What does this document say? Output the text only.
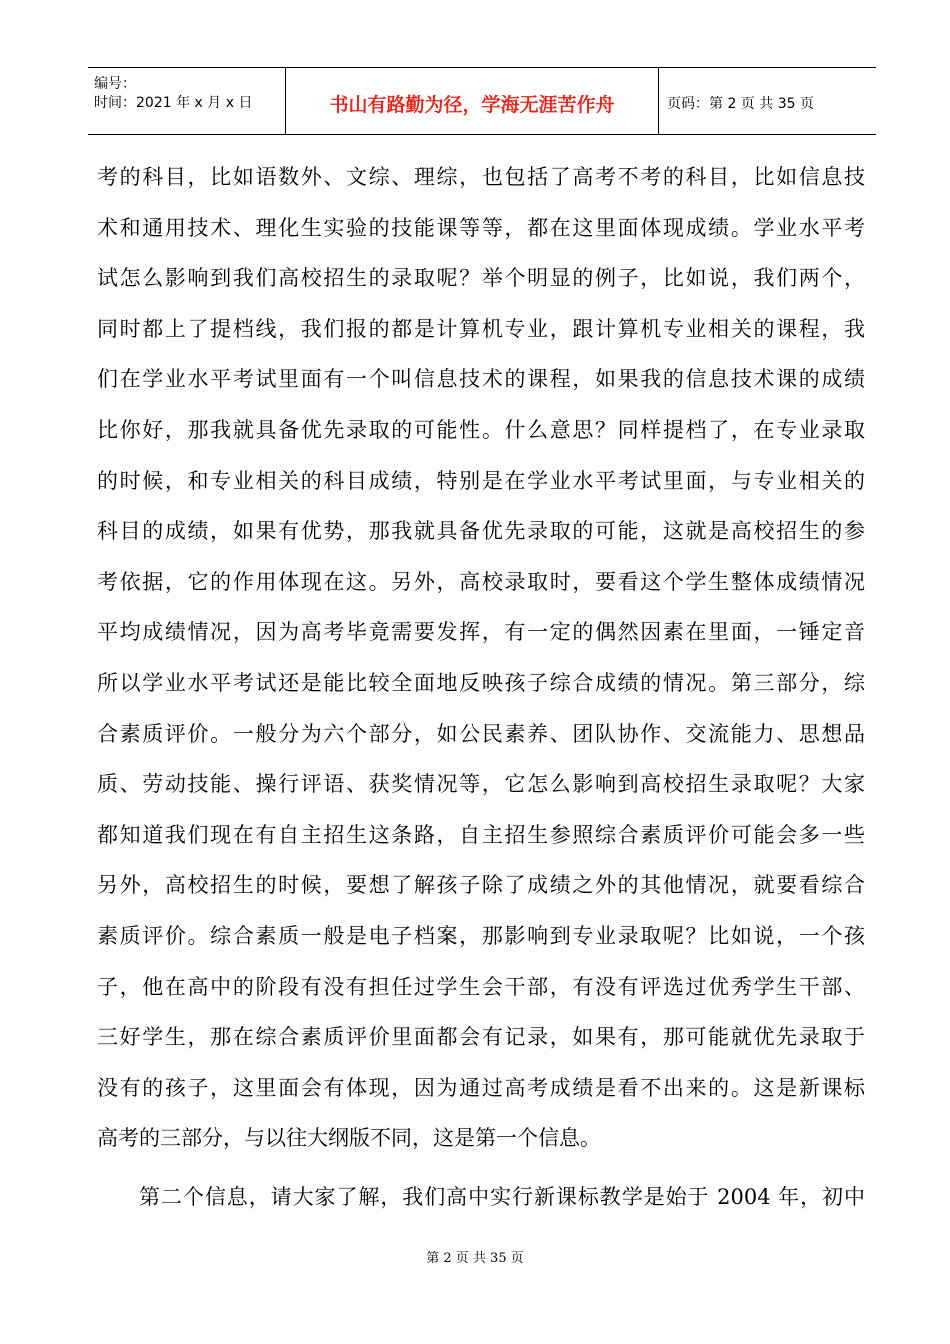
编号：
时间：2021 年 x 月 x 日	书山有路勤为径，学海无涯苦作舟	页码：第 2 页 共 35 页
考的科目，比如语数外、文综、理综，也包括了高考不考的科目，比如信息技
术和通用技术、理化生实验的技能课等等，都在这里面体现成绩。学业水平考
试怎么影响到我们高校招生的录取呢？举个明显的例子，比如说，我们两个，
同时都上了提档线，我们报的都是计算机专业，跟计算机专业相关的课程，我
们在学业水平考试里面有一个叫信息技术的课程，如果我的信息技术课的成绩
比你好，那我就具备优先录取的可能性。什么意思？同样提档了，在专业录取
的时候，和专业相关的科目成绩，特别是在学业水平考试里面，与专业相关的
科目的成绩，如果有优势，那我就具备优先录取的可能，这就是高校招生的参
考依据，它的作用体现在这。另外，高校录取时，要看这个学生整体成绩情况
平均成绩情况，因为高考毕竟需要发挥，有一定的偶然因素在里面，一锤定音
所以学业水平考试还是能比较全面地反映孩子综合成绩的情况。第三部分，综
合素质评价。一般分为六个部分，如公民素养、团队协作、交流能力、思想品
质、劳动技能、操行评语、获奖情况等，它怎么影响到高校招生录取呢？大家
都知道我们现在有自主招生这条路，自主招生参照综合素质评价可能会多一些
另外，高校招生的时候，要想了解孩子除了成绩之外的其他情况，就要看综合
素质评价。综合素质一般是电子档案，那影响到专业录取呢？比如说，一个孩
子，他在高中的阶段有没有担任过学生会干部，有没有评选过优秀学生干部、
三好学生，那在综合素质评价里面都会有记录，如果有，那可能就优先录取于
没有的孩子，这里面会有体现，因为通过高考成绩是看不出来的。这是新课标
高考的三部分，与以往大纲版不同，这是第一个信息。
第二个信息，请大家了解，我们高中实行新课标教学是始于 2004 年，初中
第 2 页 共 35 页
